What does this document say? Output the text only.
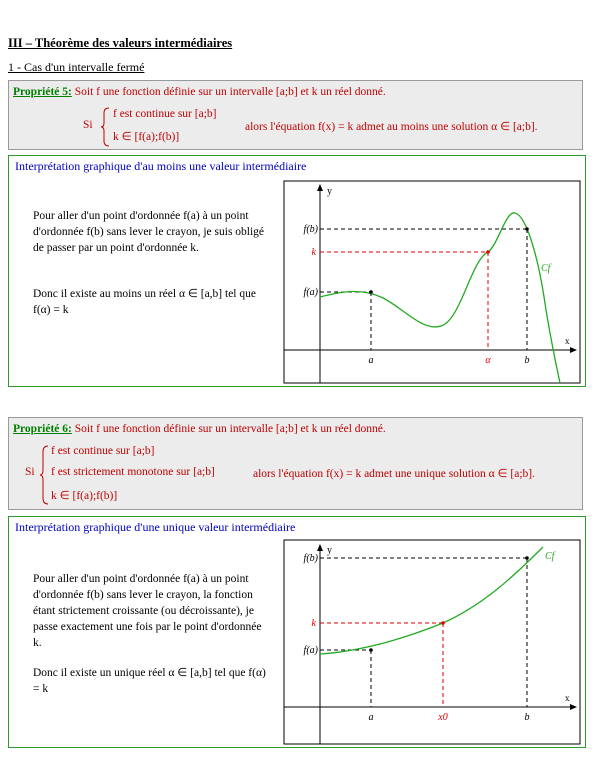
III – Théorème des valeurs intermédiaires
1 - Cas d'un intervalle fermé
Propriété 5: Soit f une fonction définie sur un intervalle [a;b] et k un réel donné.
Si
f est continue sur [a;b]
k ∈ [f(a);f(b)]
alors l'équation f(x) = k admet au moins une solution α ∈ [a;b].
Interprétation graphique d'au moins une valeur intermédiaire
Pour aller d'un point d'ordonnée f(a) à un point d'ordonnée f(b) sans lever le crayon, je suis obligé de passer par un point d'ordonnée k.
Donc il existe au moins un réel α ∈ [a,b] tel que f(α) = k
y
x
f(b)
k
f(a)
a	α	b
Cf
Propriété 6: Soit f une fonction définie sur un intervalle [a;b] et k un réel donné.
Si
f est continue sur [a;b]
f est strictement monotone sur [a;b]
k ∈ [f(a);f(b)]
alors l'équation f(x) = k admet une unique solution α ∈ [a;b].
Interprétation graphique d'une unique valeur intermédiaire
Pour aller d'un point d'ordonnée f(a) à un point d'ordonnée f(b) sans lever le crayon, la fonction étant strictement croissante (ou décroissante), je passe exactement une fois par le point d'ordonnée k.
Donc il existe un unique réel α ∈ [a,b] tel que f(α) = k
y
x
f(b)
k
f(a)
a	x0	b
Cf
